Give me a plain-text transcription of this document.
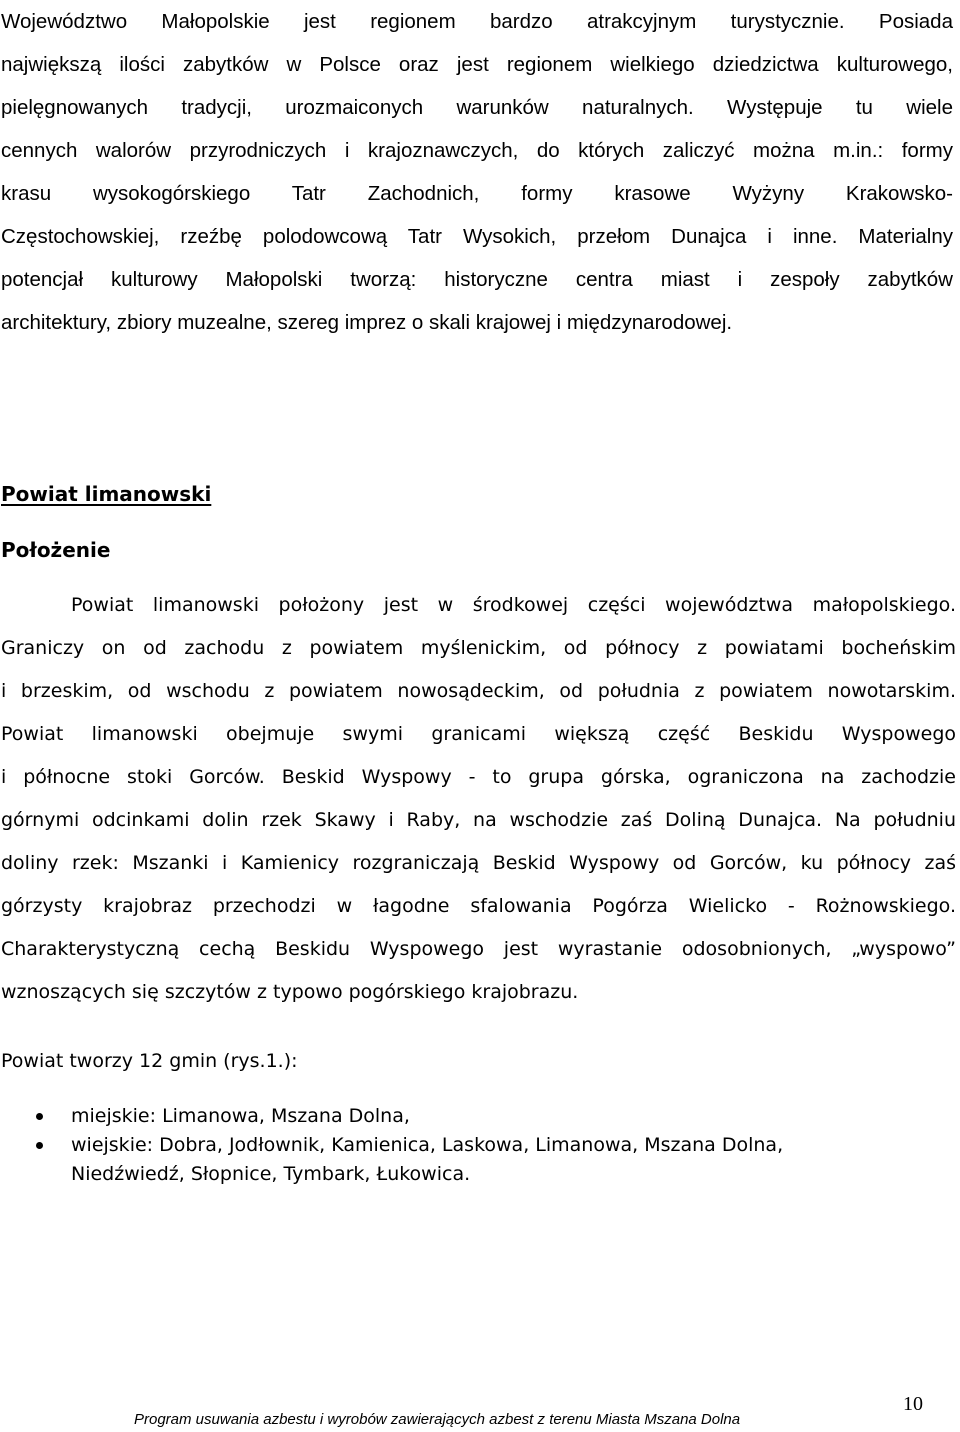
Województwo Małopolskie jest regionem bardzo atrakcyjnym turystycznie. Posiada
największą ilości zabytków w Polsce oraz jest regionem wielkiego dziedzictwa kulturowego,
pielęgnowanych tradycji, urozmaiconych warunków naturalnych. Występuje tu wiele
cennych walorów przyrodniczych i krajoznawczych, do których zaliczyć można m.in.: formy
krasu wysokogórskiego Tatr Zachodnich, formy krasowe Wyżyny Krakowsko-
Częstochowskiej, rzeźbę polodowcową Tatr Wysokich, przełom Dunajca i inne. Materialny
potencjał kulturowy Małopolski tworzą: historyczne centra miast i zespoły zabytków
architektury, zbiory muzealne, szereg imprez o skali krajowej i międzynarodowej.
Powiat limanowski
Położenie
Powiat limanowski położony jest w środkowej części województwa małopolskiego.
Graniczy on od zachodu z powiatem myślenickim, od północy z powiatami bocheńskim
i brzeskim, od wschodu z powiatem nowosądeckim, od południa z powiatem nowotarskim.
Powiat limanowski obejmuje swymi granicami większą część Beskidu Wyspowego
i północne stoki Gorców. Beskid Wyspowy - to grupa górska, ograniczona na zachodzie
górnymi odcinkami dolin rzek Skawy i Raby, na wschodzie zaś Doliną Dunajca. Na południu
doliny rzek: Mszanki i Kamienicy rozgraniczają Beskid Wyspowy od Gorców, ku północy zaś
górzysty krajobraz przechodzi w łagodne sfalowania Pogórza Wielicko - Rożnowskiego.
Charakterystyczną cechą Beskidu Wyspowego jest wyrastanie odosobnionych, „wyspowo”
wznoszących się szczytów z typowo pogórskiego krajobrazu.

Powiat tworzy 12 gmin (rys.1.):

miejskie: Limanowa, Mszana Dolna,
wiejskie: Dobra, Jodłownik, Kamienica, Laskowa, Limanowa, Mszana Dolna, Niedźwiedź, Słopnice, Tymbark, Łukowica.

10

Program usuwania azbestu i wyrobów zawierających azbest z terenu Miasta Mszana Dolna
